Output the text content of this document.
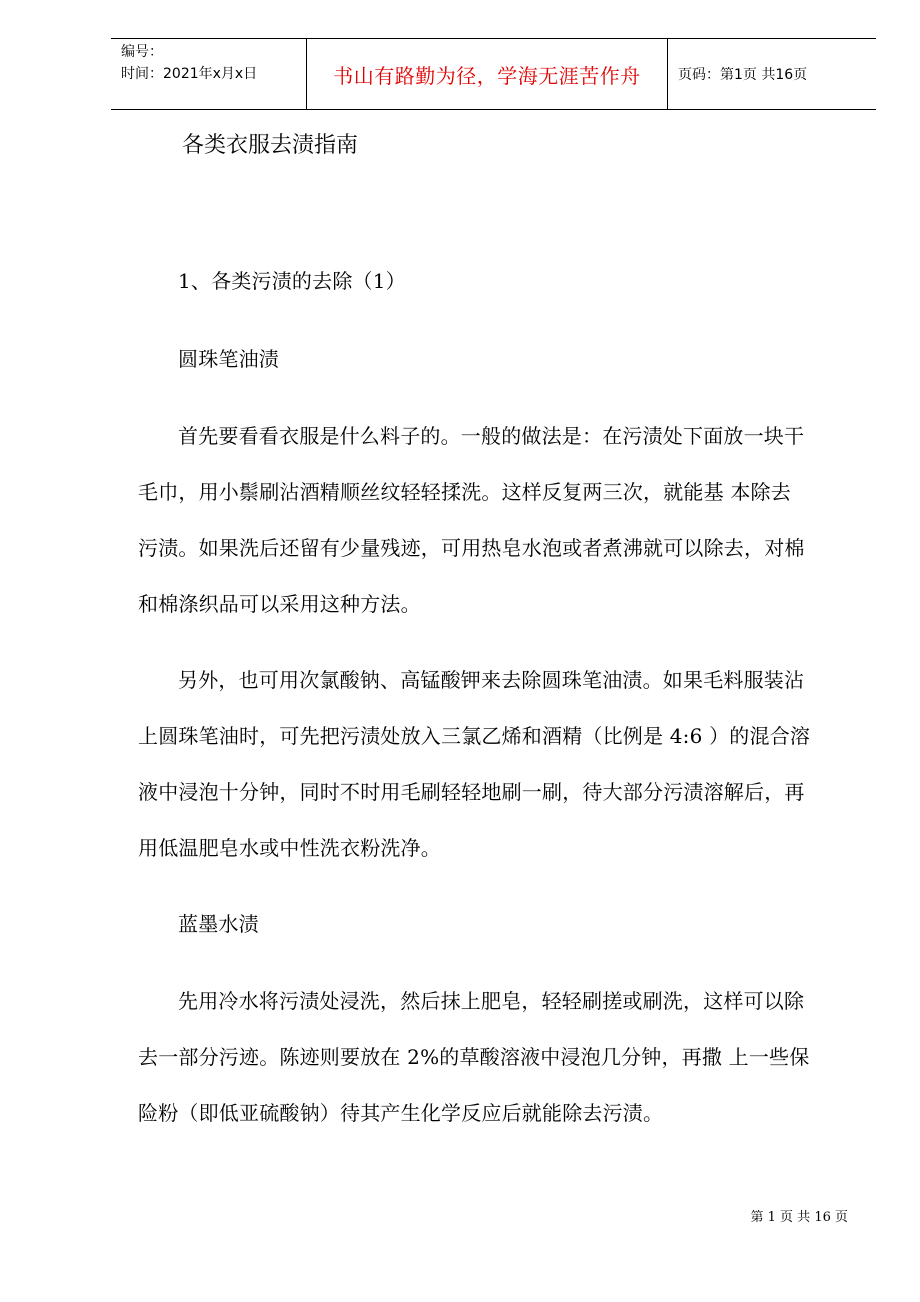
编号：
时间：2021年x月x日	书山有路勤为径，学海无涯苦作舟	页码：第1页 共16页
各类衣服去渍指南
1、各类污渍的去除（1）
圆珠笔油渍
首先要看看衣服是什么料子的。一般的做法是：在污渍处下面放一块干
毛巾，用小鬃刷沾酒精顺丝纹轻轻揉洗。这样反复两三次，就能基 本除去
污渍。如果洗后还留有少量残迹，可用热皂水泡或者煮沸就可以除去，对棉
和棉涤织品可以采用这种方法。
另外，也可用次氯酸钠、高锰酸钾来去除圆珠笔油渍。如果毛料服装沾
上圆珠笔油时，可先把污渍处放入三氯乙烯和酒精（比例是 4:6 ）的混合溶
液中浸泡十分钟，同时不时用毛刷轻轻地刷一刷，待大部分污渍溶解后，再
用低温肥皂水或中性洗衣粉洗净。
蓝墨水渍
先用冷水将污渍处浸洗，然后抹上肥皂，轻轻刷搓或刷洗，这样可以除
去一部分污迹。陈迹则要放在 2%的草酸溶液中浸泡几分钟，再撒 上一些保
险粉（即低亚硫酸钠）待其产生化学反应后就能除去污渍。
第 1 页 共 16 页
